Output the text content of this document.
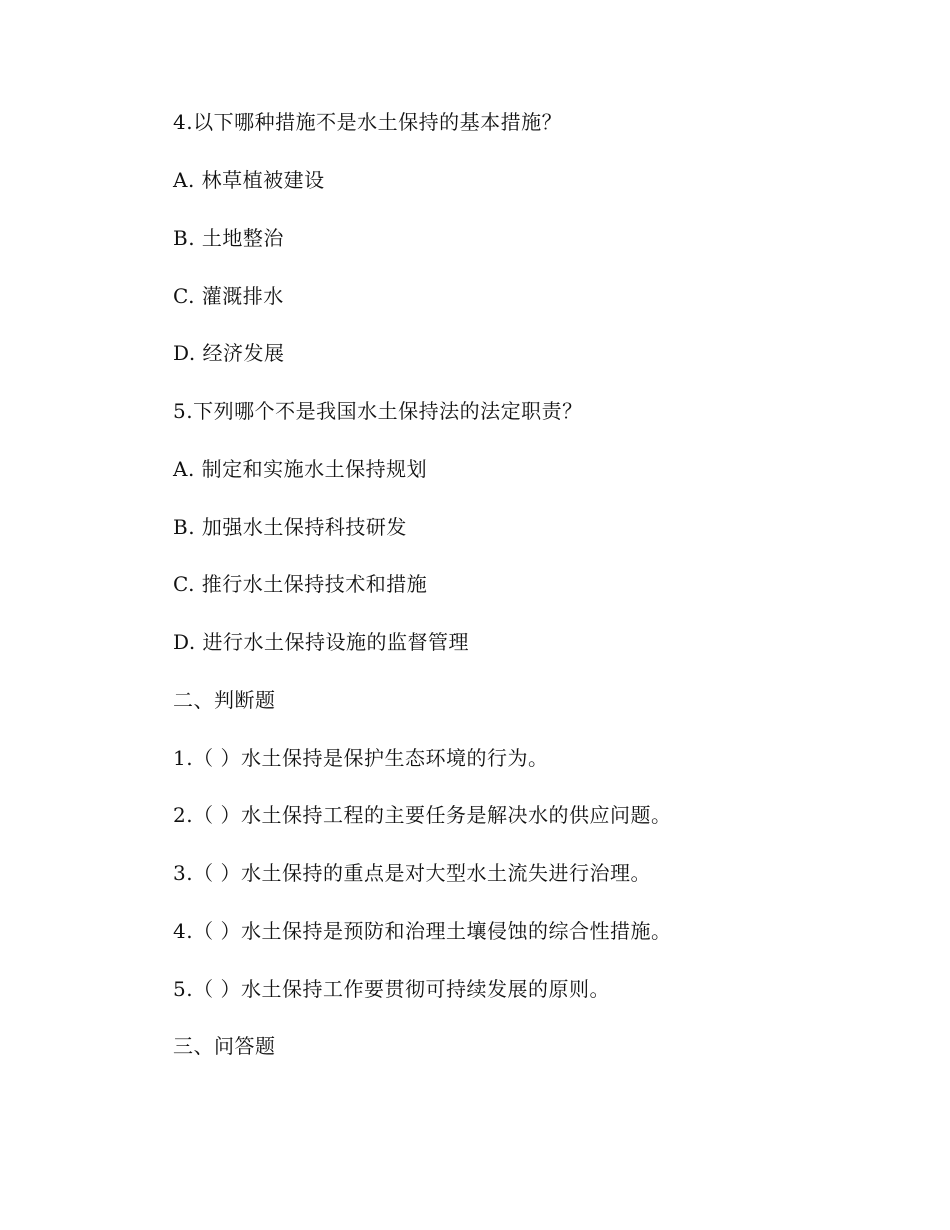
4.以下哪种措施不是水土保持的基本措施？
A. 林草植被建设
B. 土地整治
C. 灌溉排水
D. 经济发展
5.下列哪个不是我国水土保持法的法定职责？
A. 制定和实施水土保持规划
B. 加强水土保持科技研发
C. 推行水土保持技术和措施
D. 进行水土保持设施的监督管理
二、判断题
1.（ ）水土保持是保护生态环境的行为。
2.（ ）水土保持工程的主要任务是解决水的供应问题。
3.（ ）水土保持的重点是对大型水土流失进行治理。
4.（ ）水土保持是预防和治理土壤侵蚀的综合性措施。
5.（ ）水土保持工作要贯彻可持续发展的原则。
三、问答题
